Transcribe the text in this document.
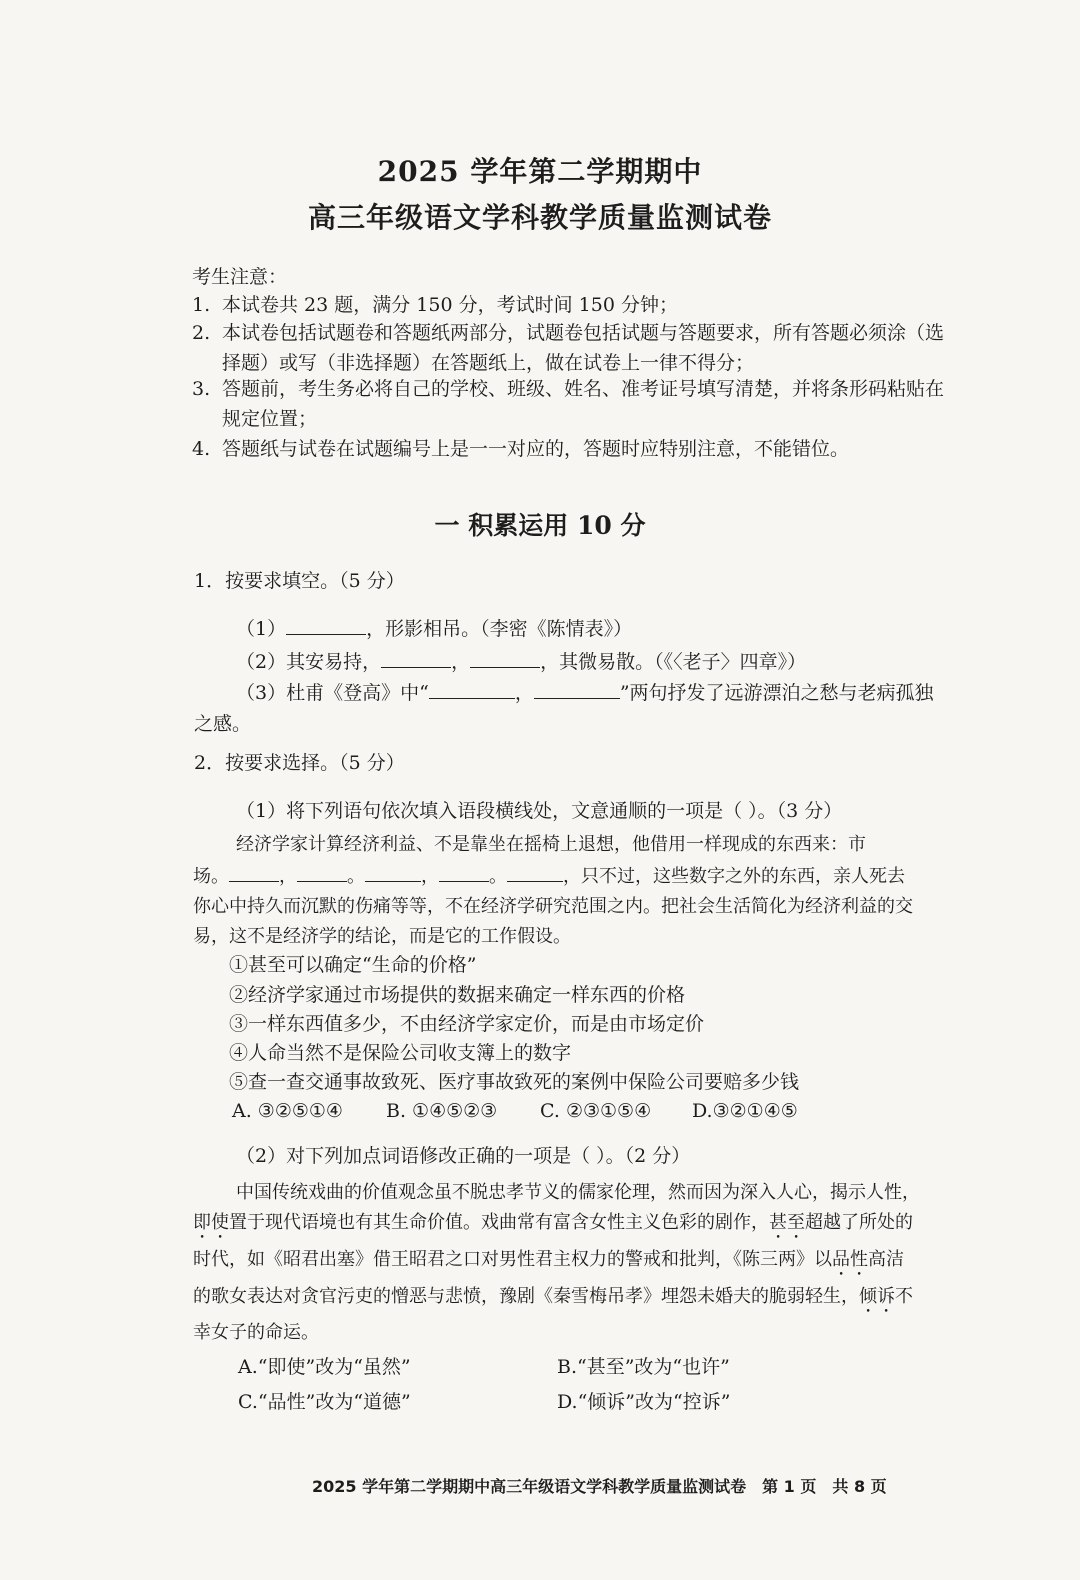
2025 学年第二学期期中
高三年级语文学科教学质量监测试卷
考生注意：
1. 本试卷共 23 题，满分 150 分，考试时间 150 分钟；
2. 本试卷包括试题卷和答题纸两部分，试题卷包括试题与答题要求，所有答题必须涂（选
择题）或写（非选择题）在答题纸上，做在试卷上一律不得分；
3. 答题前，考生务必将自己的学校、班级、姓名、准考证号填写清楚，并将条形码粘贴在
规定位置；
4. 答题纸与试卷在试题编号上是一一对应的，答题时应特别注意，不能错位。
一 积累运用 10 分
1．按要求填空。（5 分）
（1）	，形影相吊。（李密《陈情表》）
（2）其安易持，	，	，其微易散。（《〈老子〉四章》）
（3）杜甫《登高》中“	，	”两句抒发了远游漂泊之愁与老病孤独
之感。
2．按要求选择。（5 分）
（1）将下列语句依次填入语段横线处，文意通顺的一项是（ ）。（3 分）
经济学家计算经济利益、不是靠坐在摇椅上退想，他借用一样现成的东西来：市
场。	，	。	，	。	，只不过，这些数字之外的东西，亲人死去
你心中持久而沉默的伤痛等等，不在经济学研究范围之内。把社会生活简化为经济利益的交
易，这不是经济学的结论，而是它的工作假设。
①甚至可以确定“生命的价格”
②经济学家通过市场提供的数据来确定一样东西的价格
③一样东西值多少，不由经济学家定价，而是由市场定价
④人命当然不是保险公司收支簿上的数字
⑤查一查交通事故致死、医疗事故致死的案例中保险公司要赔多少钱
A. ③②⑤①④ B. ①④⑤②③ C. ②③①⑤④ D.③②①④⑤
（2）对下列加点词语修改正确的一项是（ ）。（2 分）
中国传统戏曲的价值观念虽不脱忠孝节义的儒家伦理，然而因为深入人心，揭示人性，
即使置于现代语境也有其生命价值。戏曲常有富含女性主义色彩的剧作，甚至超越了所处的
时代，如《昭君出塞》借王昭君之口对男性君主权力的警戒和批判，《陈三两》以品性高洁
的歌女表达对贪官污吏的憎恶与悲愤，豫剧《秦雪梅吊孝》埋怨未婚夫的脆弱轻生，倾诉不
幸女子的命运。
A.“即使”改为“虽然”	B.“甚至”改为“也许”
C.“品性”改为“道德”	D.“倾诉”改为“控诉”
2025 学年第二学期期中高三年级语文学科教学质量监测试卷 第 1 页 共 8 页
